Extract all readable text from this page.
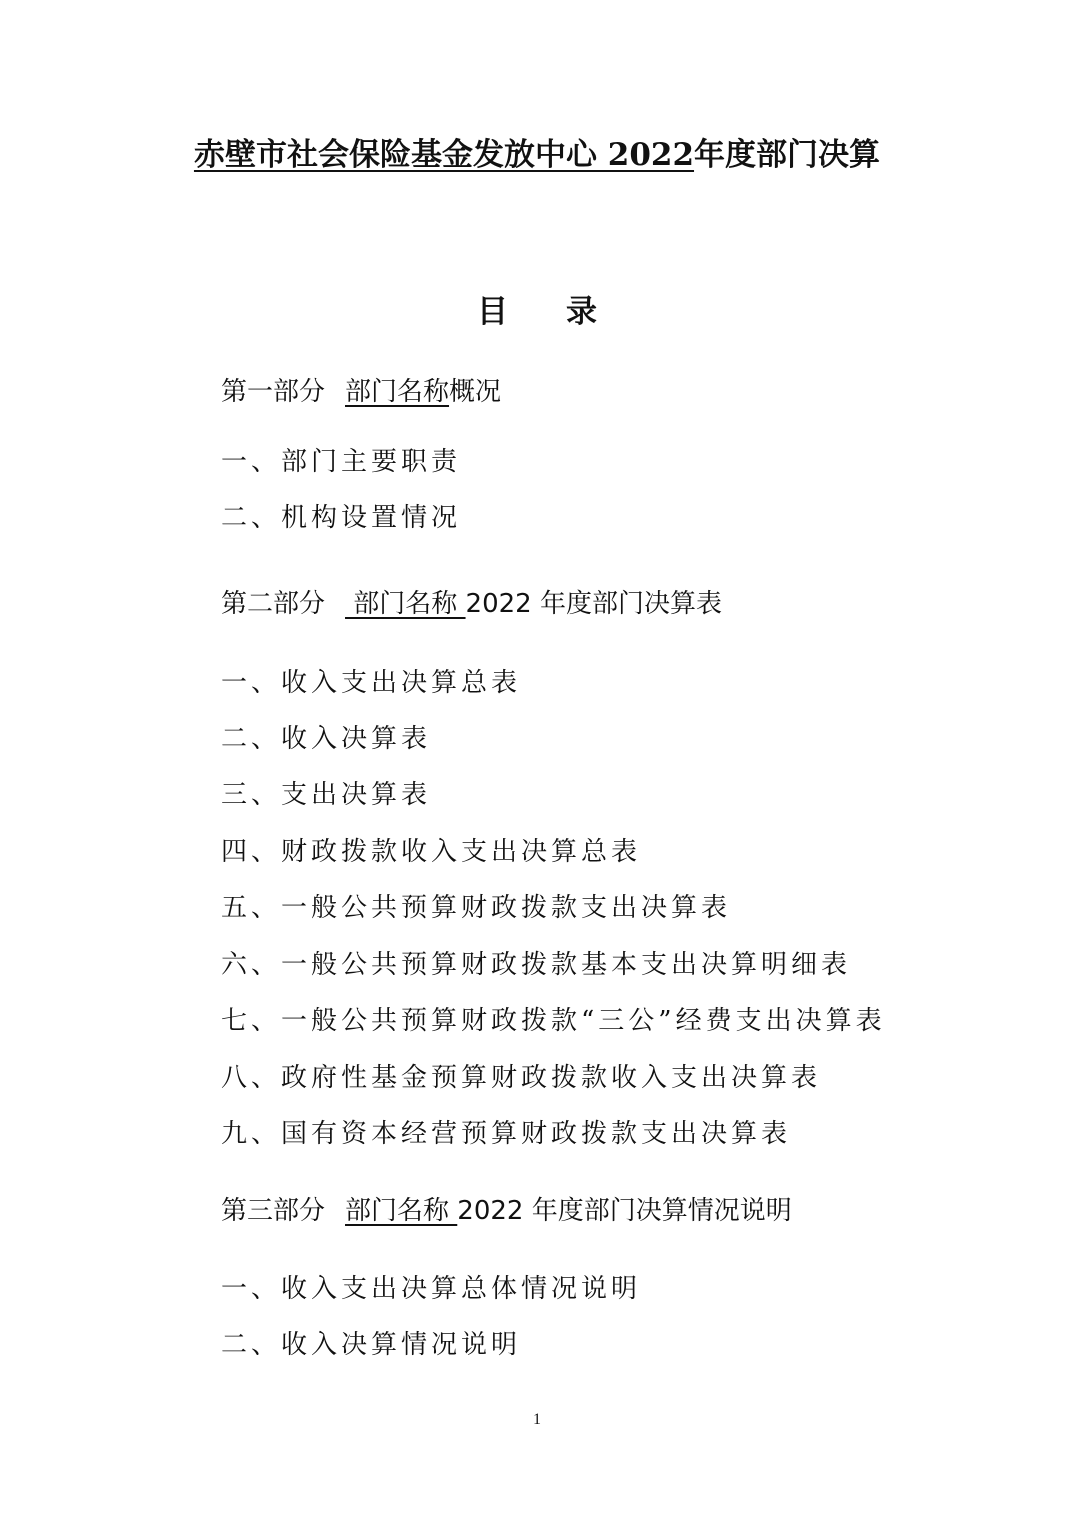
赤壁市社会保险基金发放中心 2022年度部门决算
目 录
第一部分 部门名称概况
一、部门主要职责
二、机构设置情况
第二部分 部门名称 2022 年度部门决算表
一、收入支出决算总表
二、收入决算表
三、支出决算表
四、财政拨款收入支出决算总表
五、一般公共预算财政拨款支出决算表
六、一般公共预算财政拨款基本支出决算明细表
七、一般公共预算财政拨款“三公”经费支出决算表
八、政府性基金预算财政拨款收入支出决算表
九、国有资本经营预算财政拨款支出决算表
第三部分 部门名称 2022 年度部门决算情况说明
一、收入支出决算总体情况说明
二、收入决算情况说明
1
